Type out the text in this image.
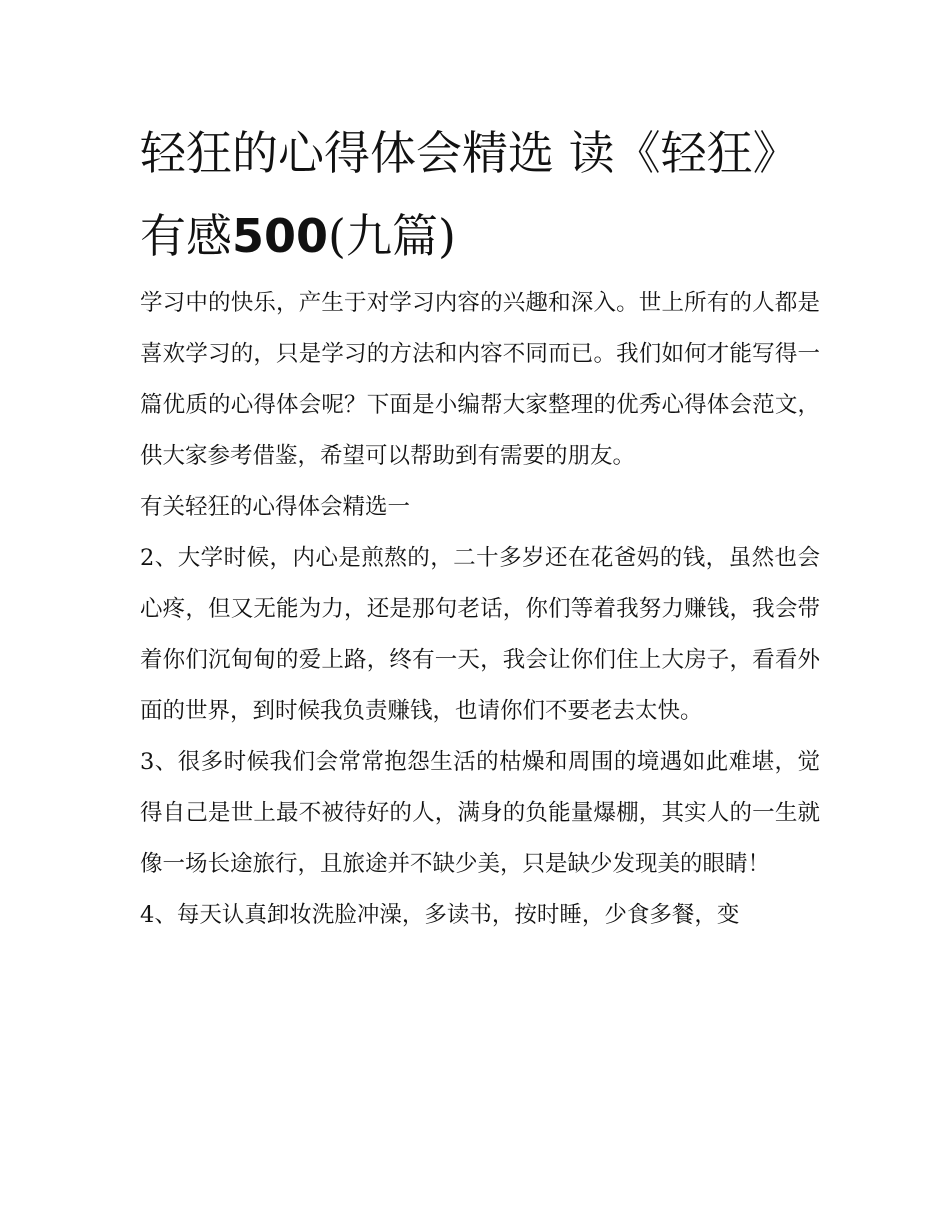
轻狂的心得体会精选 读《轻狂》有感500(九篇)

学习中的快乐，产生于对学习内容的兴趣和深入。世上所有的人都是喜欢学习的，只是学习的方法和内容不同而已。我们如何才能写得一篇优质的心得体会呢？下面是小编帮大家整理的优秀心得体会范文，供大家参考借鉴，希望可以帮助到有需要的朋友。

有关轻狂的心得体会精选一

2、大学时候，内心是煎熬的，二十多岁还在花爸妈的钱，虽然也会心疼，但又无能为力，还是那句老话，你们等着我努力赚钱，我会带着你们沉甸甸的爱上路，终有一天，我会让你们住上大房子，看看外面的世界，到时候我负责赚钱，也请你们不要老去太快。

3、很多时候我们会常常抱怨生活的枯燥和周围的境遇如此难堪，觉得自己是世上最不被待好的人，满身的负能量爆棚，其实人的一生就像一场长途旅行，且旅途并不缺少美，只是缺少发现美的眼睛！

4、每天认真卸妆洗脸冲澡，多读书，按时睡，少食多餐，变
